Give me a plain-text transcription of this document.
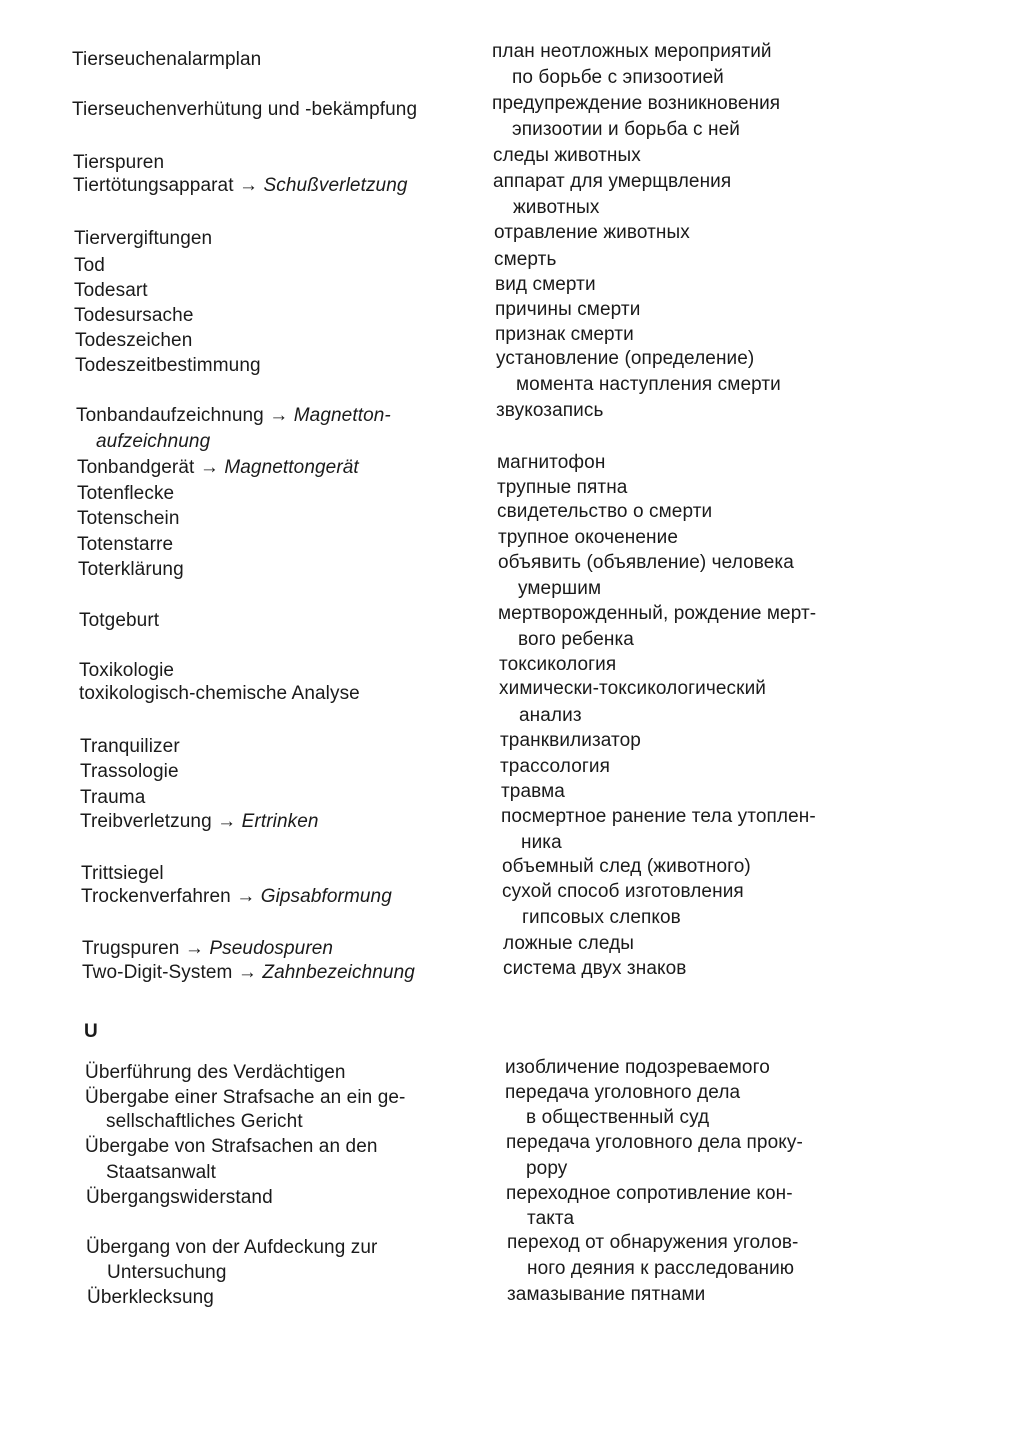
Tierseuchenalarmplan
Tierseuchenverhütung und -bekämpfung
Tierspuren
Tiertötungsapparat → Schußverletzung
Tiervergiftungen
Tod
Todesart
Todesursache
Todeszeichen
Todeszeitbestimmung
Tonbandaufzeichnung → Magnetton-
aufzeichnung
Tonbandgerät → Magnettongerät
Totenflecke
Totenschein
Totenstarre
Toterklärung
Totgeburt
Toxikologie
toxikologisch-chemische Analyse
Tranquilizer
Trassologie
Trauma
Treibverletzung → Ertrinken
Trittsiegel
Trockenverfahren → Gipsabformung
Trugspuren → Pseudospuren
Two-Digit-System → Zahnbezeichnung
U
Überführung des Verdächtigen
Übergabe einer Strafsache an ein ge-
sellschaftliches Gericht
Übergabe von Strafsachen an den
Staatsanwalt
Übergangswiderstand
Übergang von der Aufdeckung zur
Untersuchung
Überklecksung
план неотложных мероприятий
по борьбе с эпизоотией
предупреждение возникновения
эпизоотии и борьба с ней
следы животных
аппарат для умерщвления
животных
отравление животных
смерть
вид смерти
причины смерти
признак смерти
установление (определение)
момента наступления смерти
звукозапись
магнитофон
трупные пятна
свидетельство о смерти
трупное окоченение
объявить (объявление) человека
умершим
мертворожденный, рождение мерт-
вого ребенка
токсикология
химически-токсикологический
анализ
транквилизатор
трассология
травма
посмертное ранение тела утоплен-
ника
объемный след (животного)
сухой способ изготовления
гипсовых слепков
ложные следы
система двух знаков
изобличение подозреваемого
передача уголовного дела
в общественный суд
передача уголовного дела проку-
рору
переходное сопротивление кон-
такта
переход от обнаружения уголов-
ного деяния к расследованию
замазывание пятнами
